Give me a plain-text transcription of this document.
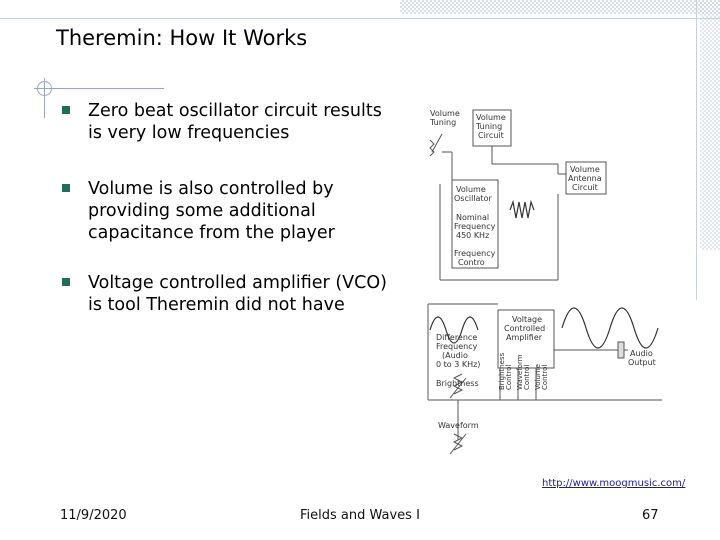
Theremin: How It Works
Zero beat oscillator circuit results is very low frequencies
Volume is also controlled by providing some additional capacitance from the player
Voltage controlled amplifier (VCO) is tool Theremin did not have
Volume Tuning
Volume Tuning Circuit
Volume Antenna Circuit
Volume Oscillator
Nominal Frequency 450 KHz
Frequency Contro
Voltage Controlled Amplifier
Difference Frequency (Audio 0 to 3 KHz)	BrightnessControl WaveformControl VolumeControl
Audio Output
Brightness
Waveform
http://www.moogmusic.com/
11/9/2020	Fields and Waves I	67
